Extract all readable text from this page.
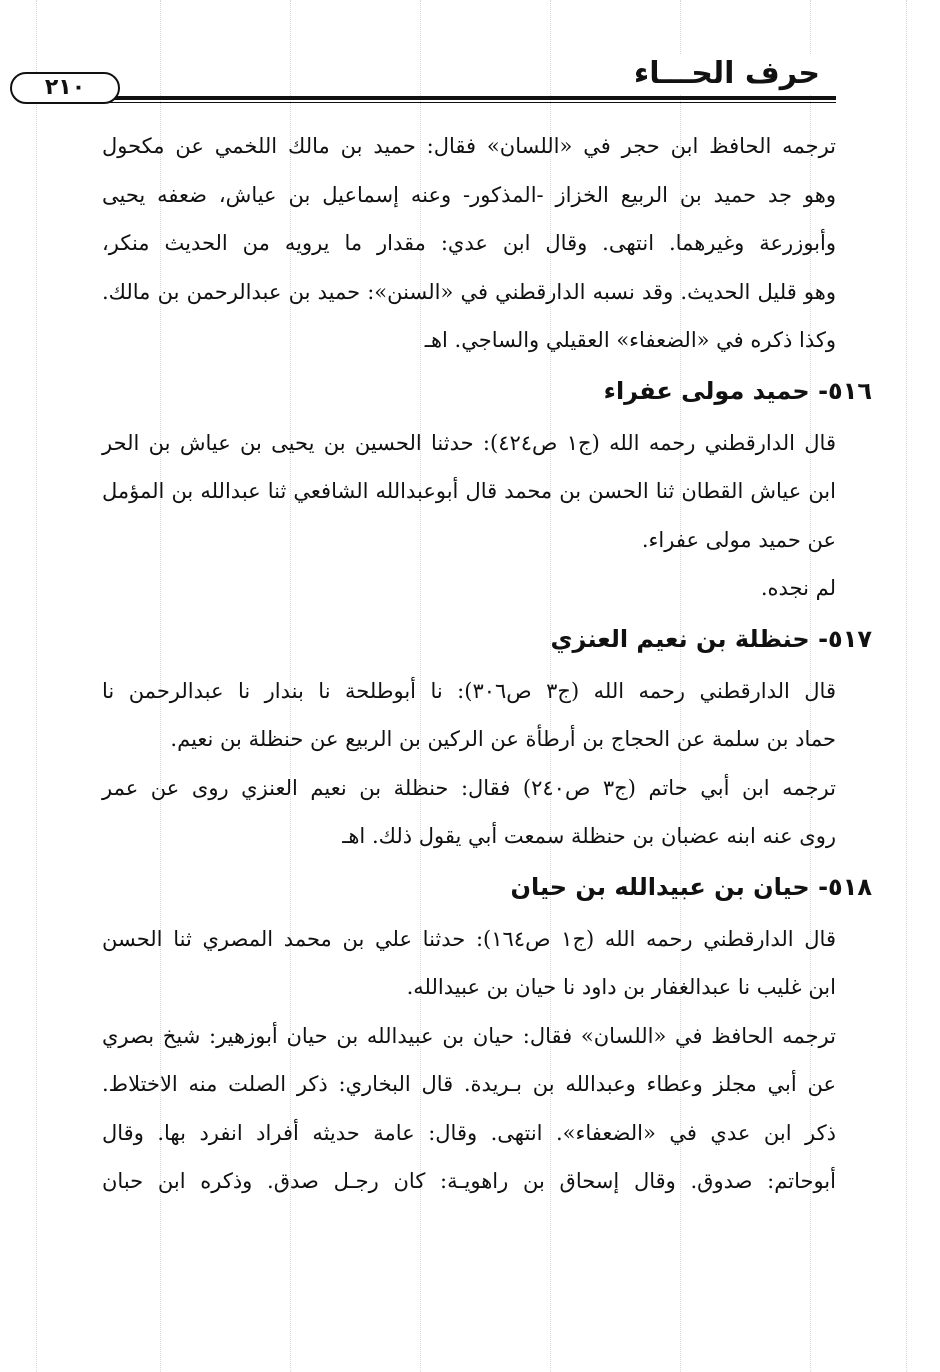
حرف الحـــاء
٢١٠

ترجمه الحافظ ابن حجر في «اللسان» فقال: حميد بن مالك اللخمي عن مكحول
وهو جد حميد بن الربيع الخزاز -المذكور- وعنه إسماعيل بن عياش، ضعفه يحيى
وأبوزرعة وغيرهما. انتهى. وقال ابن عدي: مقدار ما يرويه من الحديث منكر،
وهو قليل الحديث. وقد نسبه الدارقطني في «السنن»: حميد بن عبدالرحمن بن مالك.
وكذا ذكره في «الضعفاء» العقيلي والساجي. اهـ

٥١٦- حميد مولى عفراء

قال الدارقطني رحمه الله (ج١ ص٤٢٤): حدثنا الحسين بن يحيى بن عياش بن الحر
ابن عياش القطان ثنا الحسن بن محمد قال أبوعبدالله الشافعي ثنا عبدالله بن المؤمل
عن حميد مولى عفراء.
لم نجده.

٥١٧- حنظلة بن نعيم العنزي

قال الدارقطني رحمه الله (ج٣ ص٣٠٦): نا أبوطلحة نا بندار نا عبدالرحمن نا
حماد بن سلمة عن الحجاج بن أرطأة عن الركين بن الربيع عن حنظلة بن نعيم.
ترجمه ابن أبي حاتم (ج٣ ص٢٤٠) فقال: حنظلة بن نعيم العنزي روى عن عمر
روى عنه ابنه عضبان بن حنظلة سمعت أبي يقول ذلك. اهـ

٥١٨- حيان بن عبيدالله بن حيان

قال الدارقطني رحمه الله (ج١ ص١٦٤): حدثنا علي بن محمد المصري ثنا الحسن
ابن غليب نا عبدالغفار بن داود نا حيان بن عبيدالله.
ترجمه الحافظ في «اللسان» فقال: حيان بن عبيدالله بن حيان أبوزهير: شيخ بصري
عن أبي مجلز وعطاء وعبدالله بن بـريدة. قال البخاري: ذكر الصلت منه الاختلاط.
ذكر ابن عدي في «الضعفاء». انتهى. وقال: عامة حديثه أفراد انفرد بها. وقال
أبوحاتم: صدوق. وقال إسحاق بن راهويـة: كان رجـل صدق. وذكره ابن حبان
